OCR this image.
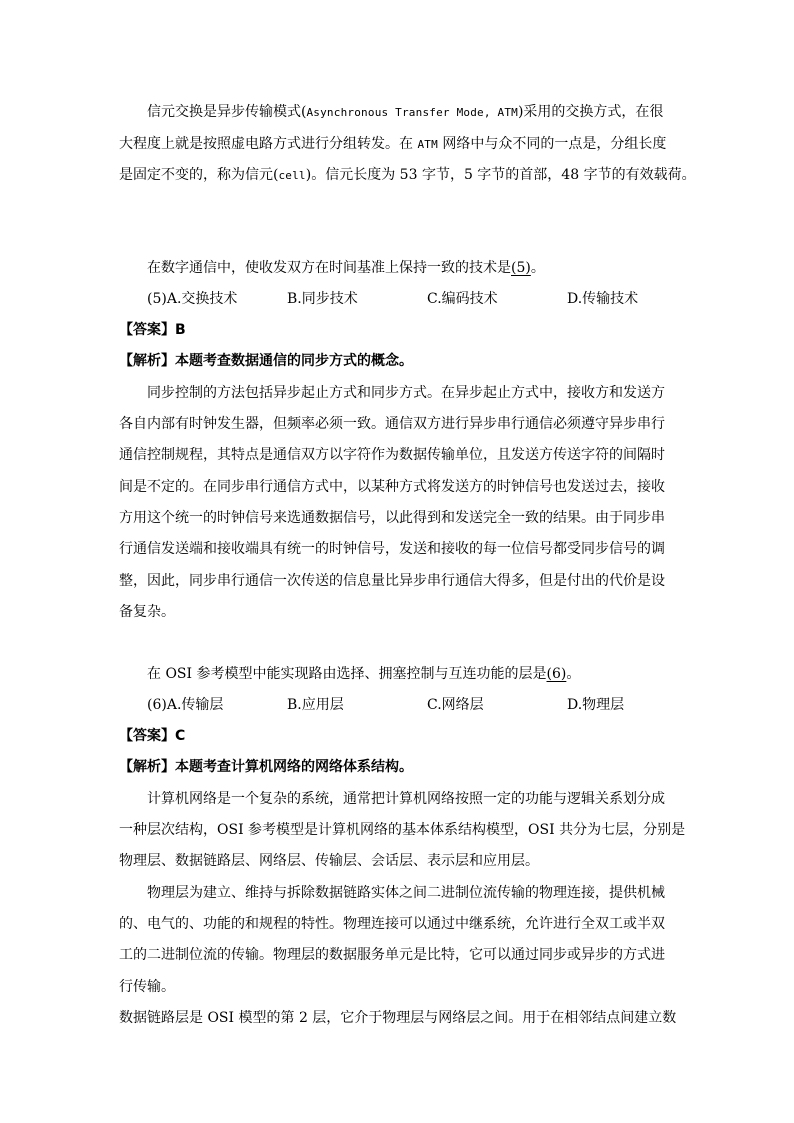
信元交换是异步传输模式(Asynchronous Transfer Mode, ATM)采用的交换方式，在很
大程度上就是按照虚电路方式进行分组转发。在 ATM 网络中与众不同的一点是，分组长度
是固定不变的，称为信元(cell)。信元长度为 53 字节，5 字节的首部，48 字节的有效载荷。
在数字通信中，使收发双方在时间基准上保持一致的技术是(5)。
(5)A.交换技术	B.同步技术	C.编码技术	D.传输技术
【答案】B
【解析】本题考查数据通信的同步方式的概念。
同步控制的方法包括异步起止方式和同步方式。在异步起止方式中，接收方和发送方
各自内部有时钟发生器，但频率必须一致。通信双方进行异步串行通信必须遵守异步串行
通信控制规程，其特点是通信双方以字符作为数据传输单位，且发送方传送字符的间隔时
间是不定的。在同步串行通信方式中，以某种方式将发送方的时钟信号也发送过去，接收
方用这个统一的时钟信号来选通数据信号，以此得到和发送完全一致的结果。由于同步串
行通信发送端和接收端具有统一的时钟信号，发送和接收的每一位信号都受同步信号的调
整，因此，同步串行通信一次传送的信息量比异步串行通信大得多，但是付出的代价是设
备复杂。
在 OSI 参考模型中能实现路由选择、拥塞控制与互连功能的层是(6)。
(6)A.传输层	B.应用层	C.网络层	D.物理层
【答案】C
【解析】本题考查计算机网络的网络体系结构。
计算机网络是一个复杂的系统，通常把计算机网络按照一定的功能与逻辑关系划分成
一种层次结构，OSI 参考模型是计算机网络的基本体系结构模型，OSI 共分为七层，分别是
物理层、数据链路层、网络层、传输层、会话层、表示层和应用层。
物理层为建立、维持与拆除数据链路实体之间二进制位流传输的物理连接，提供机械
的、电气的、功能的和规程的特性。物理连接可以通过中继系统，允许进行全双工或半双
工的二进制位流的传输。物理层的数据服务单元是比特，它可以通过同步或异步的方式进
行传输。
数据链路层是 OSI 模型的第 2 层，它介于物理层与网络层之间。用于在相邻结点间建立数
